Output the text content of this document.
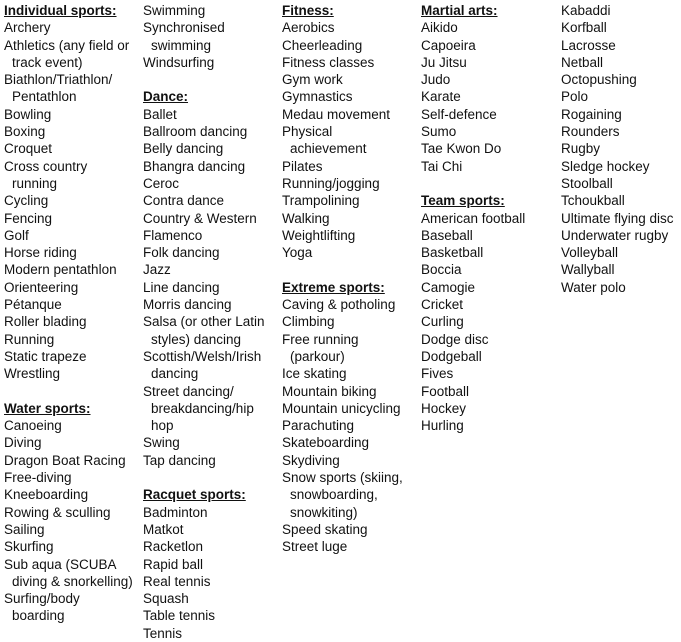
Individual sports:
Archery
Athletics (any field or
track event)
Biathlon/Triathlon/
Pentathlon
Bowling
Boxing
Croquet
Cross country
running
Cycling
Fencing
Golf
Horse riding
Modern pentathlon
Orienteering
Pétanque
Roller blading
Running
Static trapeze
Wrestling
Water sports:
Canoeing
Diving
Dragon Boat Racing
Free-diving
Kneeboarding
Rowing & sculling
Sailing
Skurfing
Sub aqua (SCUBA
diving & snorkelling)
Surfing/body
boarding
Swimming
Synchronised
swimming
Windsurfing
Dance:
Ballet
Ballroom dancing
Belly dancing
Bhangra dancing
Ceroc
Contra dance
Country & Western
Flamenco
Folk dancing
Jazz
Line dancing
Morris dancing
Salsa (or other Latin
styles) dancing
Scottish/Welsh/Irish
dancing
Street dancing/
breakdancing/hip
hop
Swing
Tap dancing
Racquet sports:
Badminton
Matkot
Racketlon
Rapid ball
Real tennis
Squash
Table tennis
Tennis
Fitness:
Aerobics
Cheerleading
Fitness classes
Gym work
Gymnastics
Medau movement
Physical
achievement
Pilates
Running/jogging
Trampolining
Walking
Weightlifting
Yoga
Extreme sports:
Caving & potholing
Climbing
Free running
(parkour)
Ice skating
Mountain biking
Mountain unicycling
Parachuting
Skateboarding
Skydiving
Snow sports (skiing,
snowboarding,
snowkiting)
Speed skating
Street luge
Martial arts:
Aikido
Capoeira
Ju Jitsu
Judo
Karate
Self-defence
Sumo
Tae Kwon Do
Tai Chi
Team sports:
American football
Baseball
Basketball
Boccia
Camogie
Cricket
Curling
Dodge disc
Dodgeball
Fives
Football
Hockey
Hurling
Kabaddi
Korfball
Lacrosse
Netball
Octopushing
Polo
Rogaining
Rounders
Rugby
Sledge hockey
Stoolball
Tchoukball
Ultimate flying disc
Underwater rugby
Volleyball
Wallyball
Water polo
